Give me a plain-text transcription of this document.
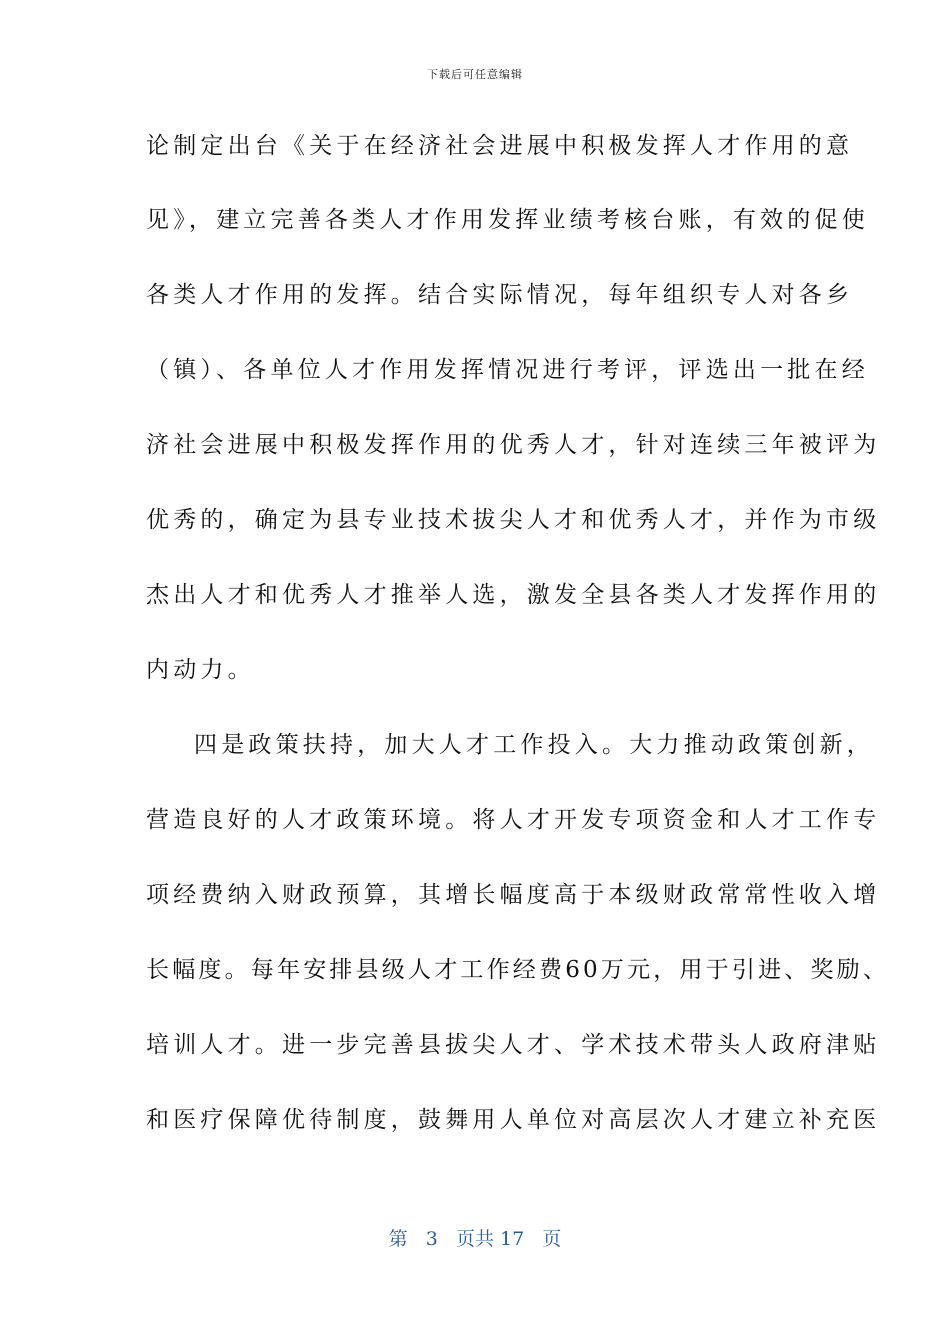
下载后可任意编辑
论制定出台《关于在经济社会进展中积极发挥人才作用的意
见》，建立完善各类人才作用发挥业绩考核台账，有效的促使
各类人才作用的发挥。结合实际情况，每年组织专人对各乡
（镇）、各单位人才作用发挥情况进行考评，评选出一批在经
济社会进展中积极发挥作用的优秀人才，针对连续三年被评为
优秀的，确定为县专业技术拔尖人才和优秀人才，并作为市级
杰出人才和优秀人才推举人选，激发全县各类人才发挥作用的
内动力。
四是政策扶持，加大人才工作投入。大力推动政策创新，
营造良好的人才政策环境。将人才开发专项资金和人才工作专
项经费纳入财政预算，其增长幅度高于本级财政常常性收入增
长幅度。每年安排县级人才工作经费60万元，用于引进、奖励、
培训人才。进一步完善县拔尖人才、学术技术带头人政府津贴
和医疗保障优待制度，鼓舞用人单位对高层次人才建立补充医
第 3 页共 17 页
